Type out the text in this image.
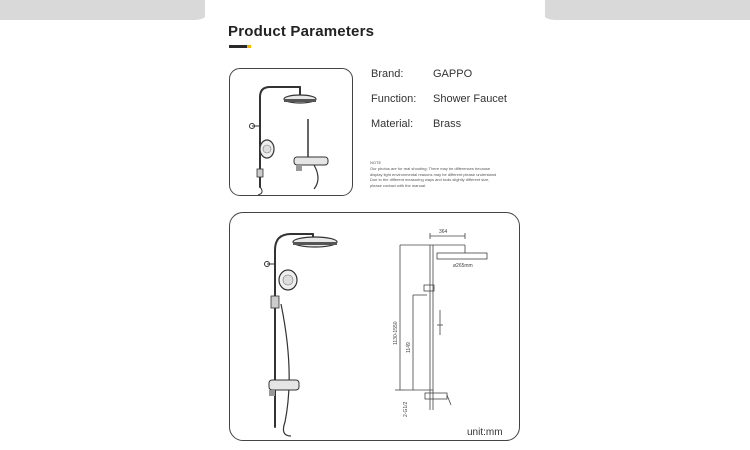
Product Parameters
Brand:	GAPPO
Function: Shower Faucet
Material: Brass
NOTE
Our photos are for real shooting; There may be differences because
display light environmental reasons may be different please understand
Due to the different measuring ways and tools slightly different size,
please contact with the manual.
364
ø265mm
1130-1550
1149
2-G1/2
unit:mm
